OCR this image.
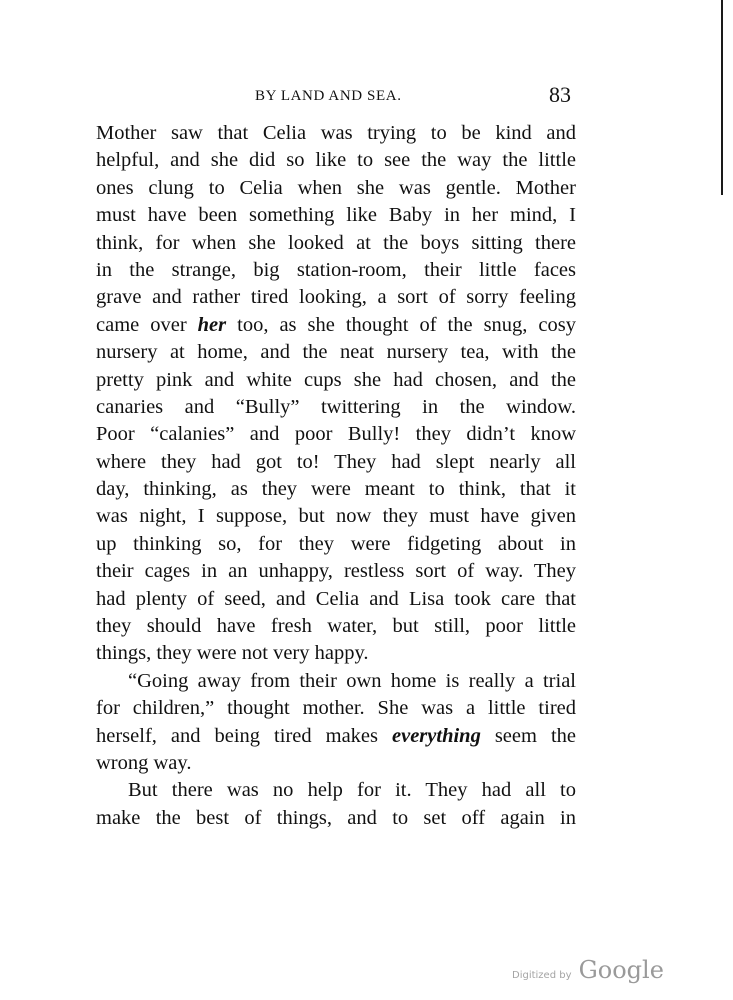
BY LAND AND SEA.	83
Mother saw that Celia was trying to be kind and
helpful, and she did so like to see the way the little
ones clung to Celia when she was gentle. Mother
must have been something like Baby in her mind, I
think, for when she looked at the boys sitting there
in the strange, big station-room, their little faces
grave and rather tired looking, a sort of sorry feeling
came over her too, as she thought of the snug, cosy
nursery at home, and the neat nursery tea, with the
pretty pink and white cups she had chosen, and the
canaries and “Bully” twittering in the window.
Poor “calanies” and poor Bully! they didn’t know
where they had got to! They had slept nearly all
day, thinking, as they were meant to think, that it
was night, I suppose, but now they must have given
up thinking so, for they were fidgeting about in
their cages in an unhappy, restless sort of way. They
had plenty of seed, and Celia and Lisa took care that
they should have fresh water, but still, poor little
things, they were not very happy.
“Going away from their own home is really a trial
for children,” thought mother. She was a little tired
herself, and being tired makes everything seem the
wrong way.
But there was no help for it. They had all to
make the best of things, and to set off again in
Digitized by Google
